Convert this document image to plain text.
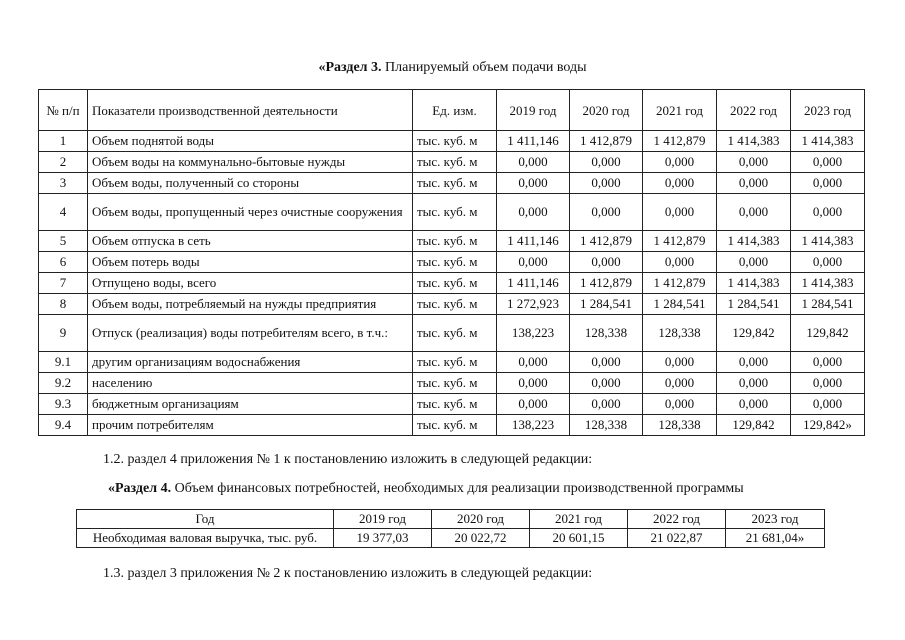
«Раздел 3. Планируемый объем подачи воды
№ п/п	Показатели производственной деятельности	Ед. изм.	2019 год	2020 год	2021 год	2022 год	2023 год
1	Объем поднятой воды	тыс. куб. м	1 411,146	1 412,879	1 412,879	1 414,383	1 414,383
2	Объем воды на коммунально-бытовые нужды	тыс. куб. м	0,000	0,000	0,000	0,000	0,000
3	Объем воды, полученный со стороны	тыс. куб. м	0,000	0,000	0,000	0,000	0,000
4	Объем воды, пропущенный через очистные сооружения	тыс. куб. м	0,000	0,000	0,000	0,000	0,000
5	Объем отпуска в сеть	тыс. куб. м	1 411,146	1 412,879	1 412,879	1 414,383	1 414,383
6	Объем потерь воды	тыс. куб. м	0,000	0,000	0,000	0,000	0,000
7	Отпущено воды, всего	тыс. куб. м	1 411,146	1 412,879	1 412,879	1 414,383	1 414,383
8	Объем воды, потребляемый на нужды предприятия	тыс. куб. м	1 272,923	1 284,541	1 284,541	1 284,541	1 284,541
9	Отпуск (реализация) воды потребителям всего, в т.ч.:	тыс. куб. м	138,223	128,338	128,338	129,842	129,842
9.1	другим организациям водоснабжения	тыс. куб. м	0,000	0,000	0,000	0,000	0,000
9.2	населению	тыс. куб. м	0,000	0,000	0,000	0,000	0,000
9.3	бюджетным организациям	тыс. куб. м	0,000	0,000	0,000	0,000	0,000
9.4	прочим потребителям	тыс. куб. м	138,223	128,338	128,338	129,842	129,842»
1.2. раздел 4 приложения № 1 к постановлению изложить в следующей редакции:
«Раздел 4. Объем финансовых потребностей, необходимых для реализации производственной программы
Год	2019 год	2020 год	2021 год	2022 год	2023 год
Необходимая валовая выручка, тыс. руб.	19 377,03	20 022,72	20 601,15	21 022,87	21 681,04»
1.3. раздел 3 приложения № 2 к постановлению изложить в следующей редакции:
